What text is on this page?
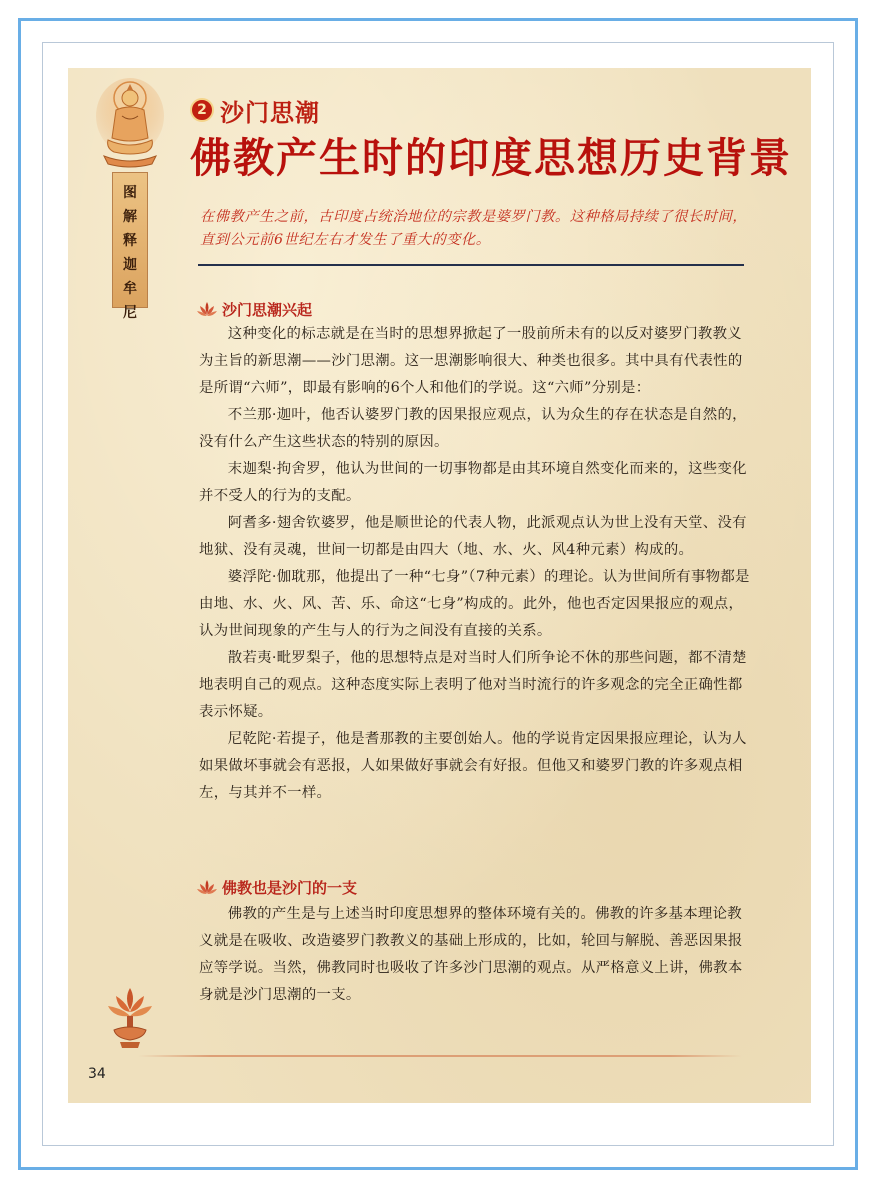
图
解
释
迦
牟
尼
2 沙门思潮
佛教产生时的印度思想历史背景

在佛教产生之前，古印度占统治地位的宗教是婆罗门教。这种格局持续了很长时间，直到公元前6世纪左右才发生了重大的变化。

沙门思潮兴起

这种变化的标志就是在当时的思想界掀起了一股前所未有的以反对婆罗门教教义为主旨的新思潮——沙门思潮。这一思潮影响很大、种类也很多。其中具有代表性的是所谓“六师”，即最有影响的6个人和他们的学说。这“六师”分别是：

不兰那·迦叶，他否认婆罗门教的因果报应观点，认为众生的存在状态是自然的，没有什么产生这些状态的特别的原因。

末迦梨·拘舍罗，他认为世间的一切事物都是由其环境自然变化而来的，这些变化并不受人的行为的支配。

阿耆多·翅舍钦婆罗，他是顺世论的代表人物，此派观点认为世上没有天堂、没有地狱、没有灵魂，世间一切都是由四大（地、水、火、风4种元素）构成的。

婆浮陀·伽耽那，他提出了一种“七身”（7种元素）的理论。认为世间所有事物都是由地、水、火、风、苦、乐、命这“七身”构成的。此外，他也否定因果报应的观点，认为世间现象的产生与人的行为之间没有直接的关系。

散若夷·毗罗梨子，他的思想特点是对当时人们所争论不休的那些问题，都不清楚地表明自己的观点。这种态度实际上表明了他对当时流行的许多观念的完全正确性都表示怀疑。

尼乾陀·若提子，他是耆那教的主要创始人。他的学说肯定因果报应理论，认为人如果做坏事就会有恶报，人如果做好事就会有好报。但他又和婆罗门教的许多观点相左，与其并不一样。

佛教也是沙门的一支

佛教的产生是与上述当时印度思想界的整体环境有关的。佛教的许多基本理论教义就是在吸收、改造婆罗门教教义的基础上形成的，比如，轮回与解脱、善恶因果报应等学说。当然，佛教同时也吸收了许多沙门思潮的观点。从严格意义上讲，佛教本身就是沙门思潮的一支。

34
